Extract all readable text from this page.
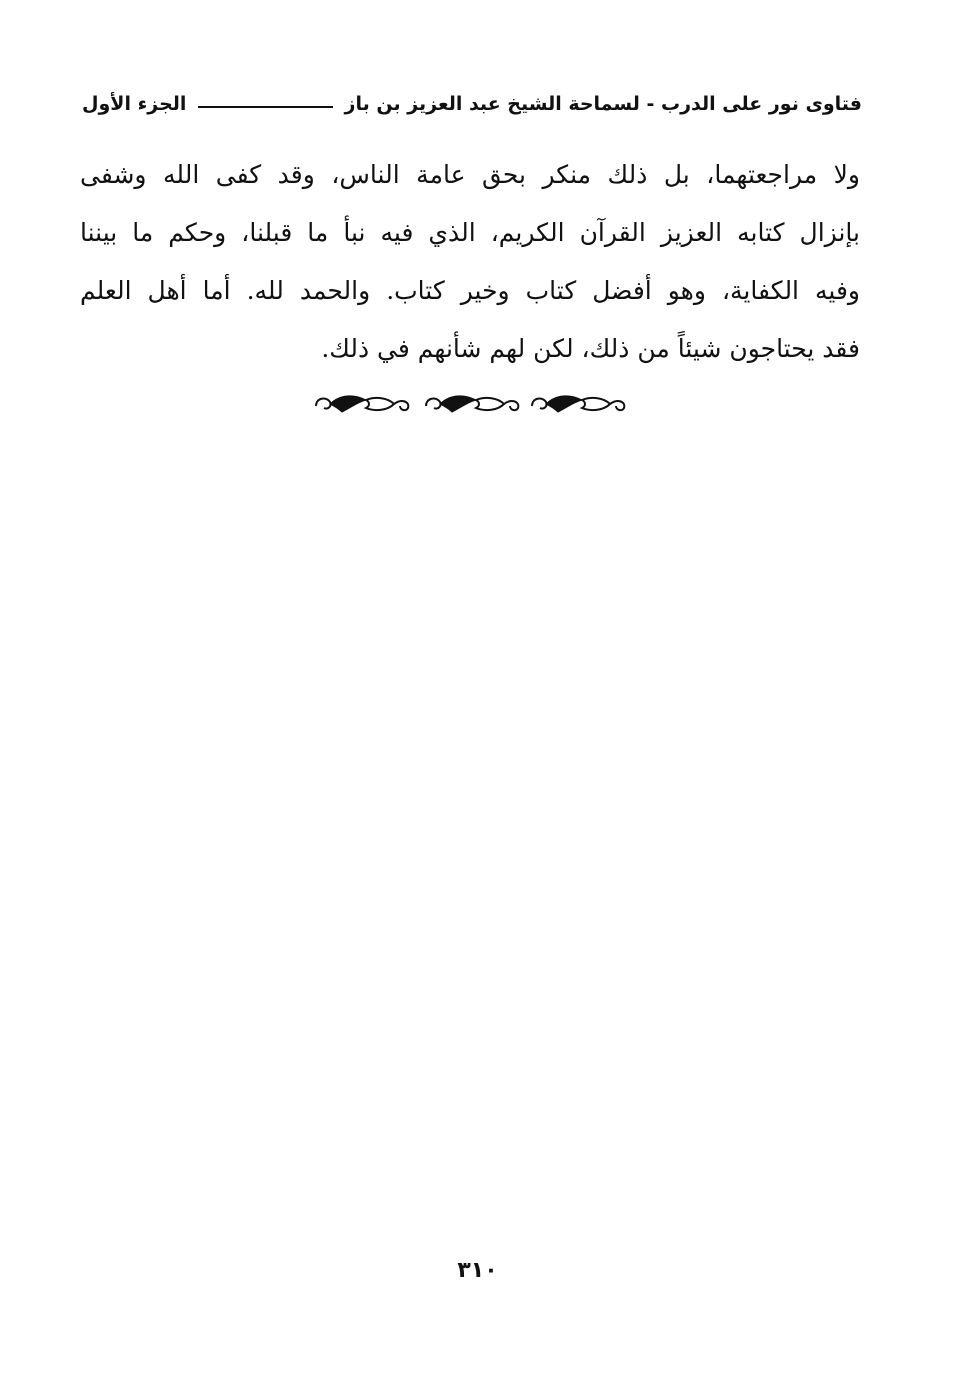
فتاوى نور على الدرب - لسماحة الشيخ عبد العزيز بن باز
الجزء الأول
ولا مراجعتهما، بل ذلك منكر بحق عامة الناس، وقد كفى الله وشفى
بإنزال كتابه العزيز القرآن الكريم، الذي فيه نبأ ما قبلنا، وحكم ما بيننا
وفيه الكفاية، وهو أفضل كتاب وخير كتاب. والحمد لله. أما أهل العلم
فقد يحتاجون شيئاً من ذلك، لكن لهم شأنهم في ذلك.
٣١٠
